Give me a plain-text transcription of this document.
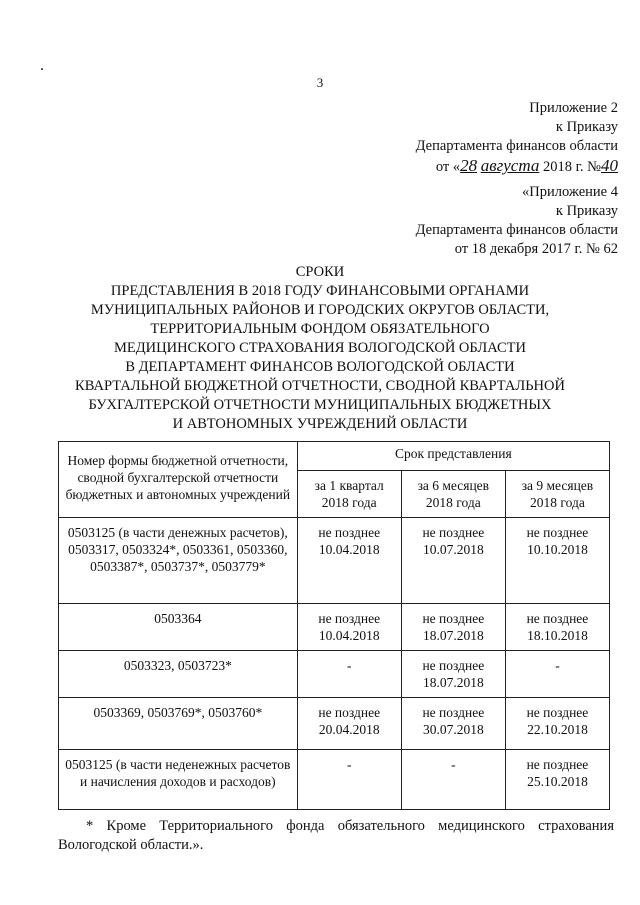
.
3
Приложение 2
к Приказу
Департамента финансов области
от «28 августа 2018 г. №40
«Приложение 4
к Приказу
Департамента финансов области
от 18 декабря 2017 г. № 62
СРОКИ
ПРЕДСТАВЛЕНИЯ В 2018 ГОДУ ФИНАНСОВЫМИ ОРГАНАМИ
МУНИЦИПАЛЬНЫХ РАЙОНОВ И ГОРОДСКИХ ОКРУГОВ ОБЛАСТИ,
ТЕРРИТОРИАЛЬНЫМ ФОНДОМ ОБЯЗАТЕЛЬНОГО
МЕДИЦИНСКОГО СТРАХОВАНИЯ ВОЛОГОДСКОЙ ОБЛАСТИ
В ДЕПАРТАМЕНТ ФИНАНСОВ ВОЛОГОДСКОЙ ОБЛАСТИ
КВАРТАЛЬНОЙ БЮДЖЕТНОЙ ОТЧЕТНОСТИ, СВОДНОЙ КВАРТАЛЬНОЙ
БУХГАЛТЕРСКОЙ ОТЧЕТНОСТИ МУНИЦИПАЛЬНЫХ БЮДЖЕТНЫХ
И АВТОНОМНЫХ УЧРЕЖДЕНИЙ ОБЛАСТИ
Номер формы бюджетной отчетности, сводной бухгалтерской отчетности бюджетных и автономных учреждений	Срок представления		
	за 1 квартал 2018 года	за 6 месяцев 2018 года	за 9 месяцев 2018 года
0503125 (в части денежных расчетов), 0503317, 0503324*, 0503361, 0503360, 0503387*, 0503737*, 0503779*	не позднее 10.04.2018	не позднее 10.07.2018	не позднее 10.10.2018
0503364	не позднее 10.04.2018	не позднее 18.07.2018	не позднее 18.10.2018
0503323, 0503723*	-	не позднее 18.07.2018	-
0503369, 0503769*, 0503760*	не позднее 20.04.2018	не позднее 30.07.2018	не позднее 22.10.2018
0503125 (в части неденежных расчетов и начисления доходов и расходов)	-	-	не позднее 25.10.2018
* Кроме Территориального фонда обязательного медицинского страхования Вологодской области.».
